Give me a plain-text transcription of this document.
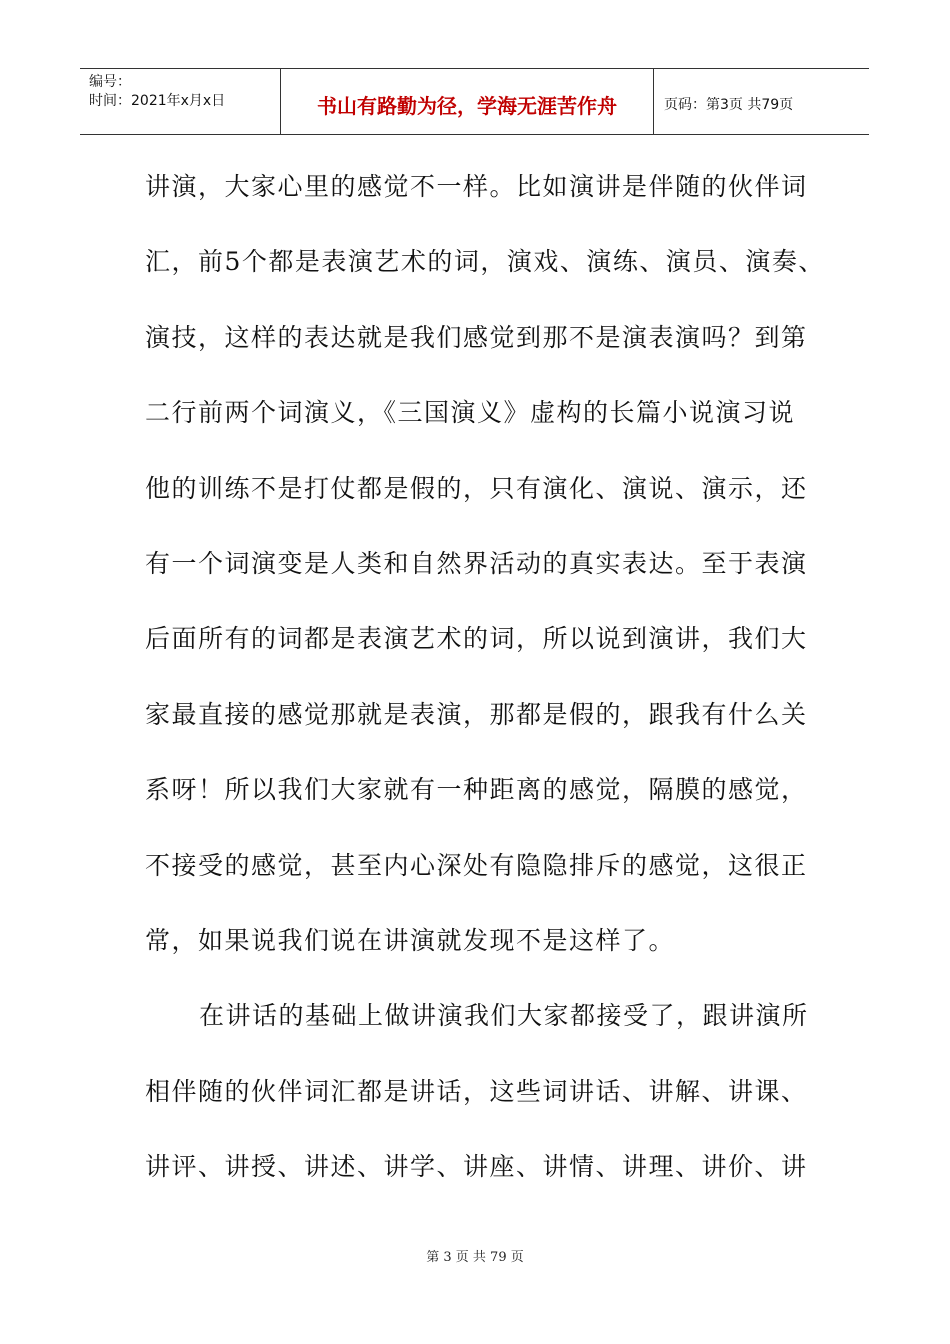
编号：
时间：2021年x月x日	书山有路勤为径，学海无涯苦作舟	页码：第3页 共79页
讲演，大家心里的感觉不一样。比如演讲是伴随的伙伴词
汇，前5个都是表演艺术的词，演戏、演练、演员、演奏、
演技，这样的表达就是我们感觉到那不是演表演吗？到第
二行前两个词演义，《三国演义》虚构的长篇小说演习说
他的训练不是打仗都是假的，只有演化、演说、演示，还
有一个词演变是人类和自然界活动的真实表达。至于表演
后面所有的词都是表演艺术的词，所以说到演讲，我们大
家最直接的感觉那就是表演，那都是假的，跟我有什么关
系呀！所以我们大家就有一种距离的感觉，隔膜的感觉，
不接受的感觉，甚至内心深处有隐隐排斥的感觉，这很正
常，如果说我们说在讲演就发现不是这样了。
在讲话的基础上做讲演我们大家都接受了，跟讲演所
相伴随的伙伴词汇都是讲话，这些词讲话、讲解、讲课、
讲评、讲授、讲述、讲学、讲座、讲情、讲理、讲价、讲
第 3 页 共 79 页
